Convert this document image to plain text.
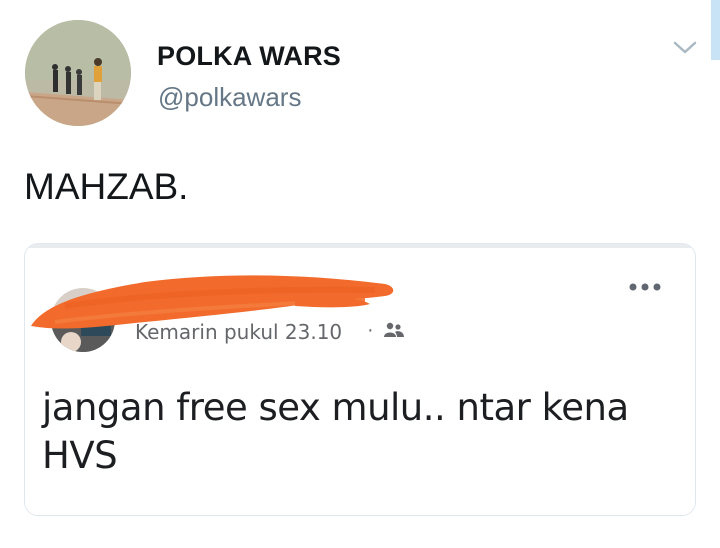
POLKA WARS
@polkawars
MAHZAB.
Kemarin pukul 23.10 ·
jangan free sex mulu.. ntar kena HVS
